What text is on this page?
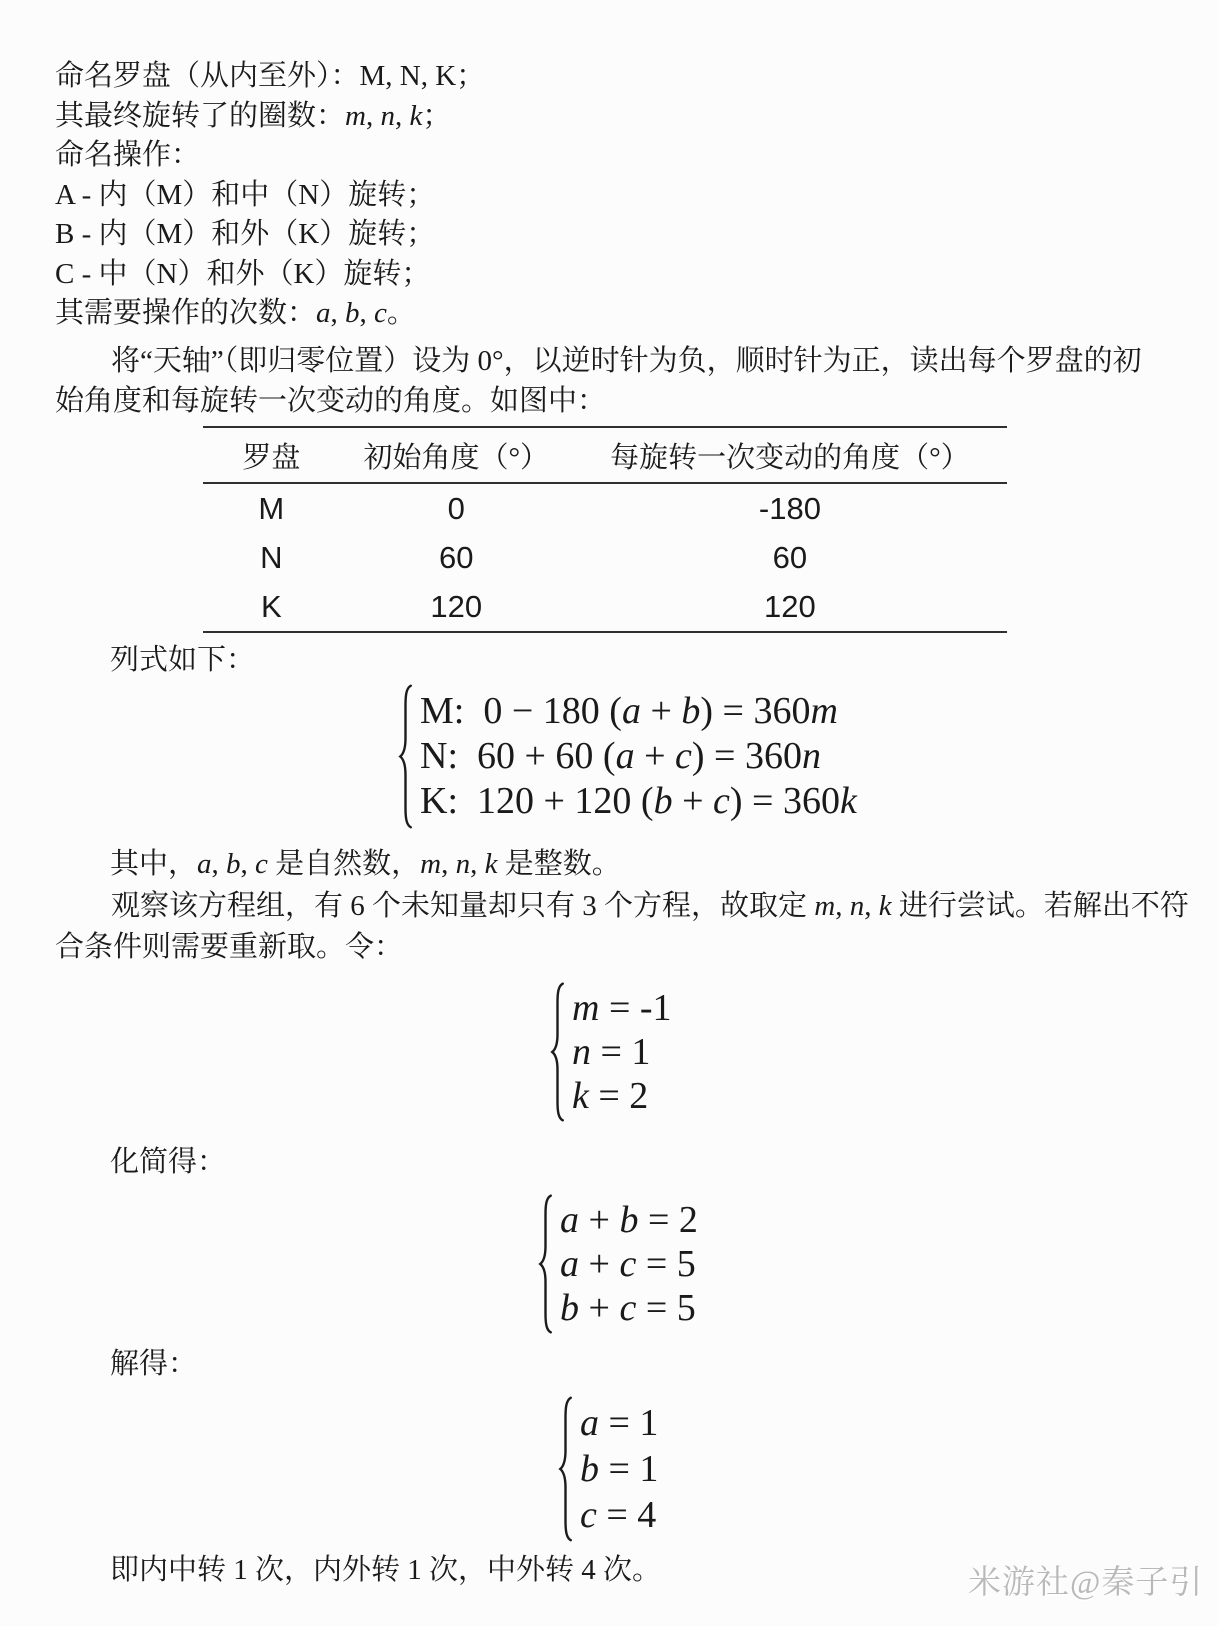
命名罗盘（从内至外）：M, N, K；
其最终旋转了的圈数：m, n, k；
命名操作：
A - 内（M）和中（N）旋转；
B - 内（M）和外（K）旋转；
C - 中（N）和外（K）旋转；
其需要操作的次数：a, b, c。
将“天轴”（即归零位置）设为 0°，以逆时针为负，顺时针为正，读出每个罗盘的初
始角度和每旋转一次变动的角度。如图中：
罗盘	初始角度（°）	每旋转一次变动的角度（°）
M	0	-180
N	60	60
K	120	120
列式如下：
M:  0 − 180 (a + b) = 360m
N:  60 + 60 (a + c) = 360n
K:  120 + 120 (b + c) = 360k
其中，a, b, c 是自然数，m, n, k 是整数。
观察该方程组，有 6 个未知量却只有 3 个方程，故取定 m, n, k 进行尝试。若解出不符
合条件则需要重新取。令：
m = -1
n = 1
k = 2
化简得：
a + b = 2
a + c = 5
b + c = 5
解得：
a = 1
b = 1
c = 4
即内中转 1 次，内外转 1 次，中外转 4 次。	米游社@秦子引
